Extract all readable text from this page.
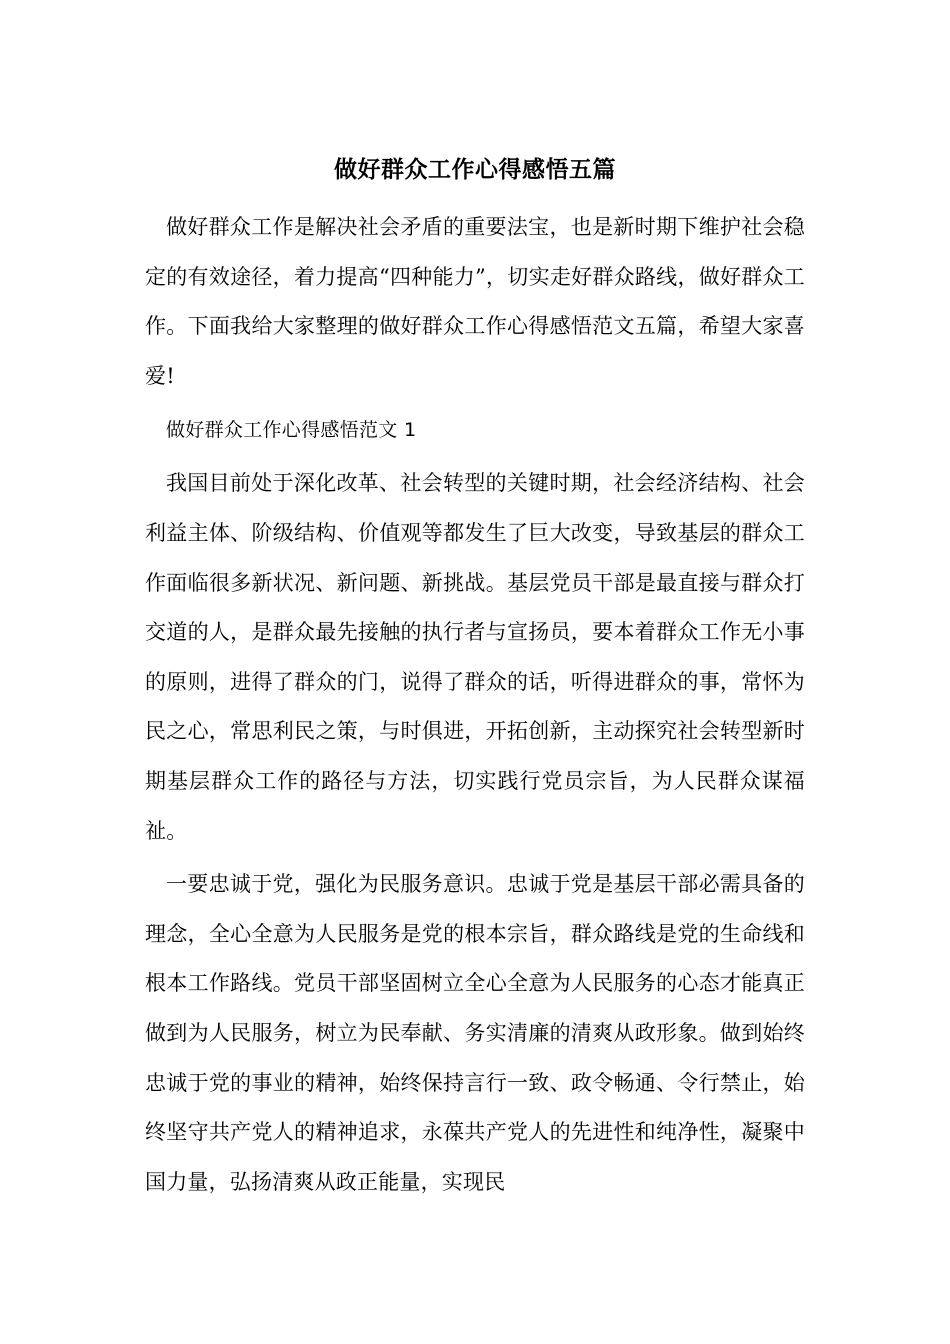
做好群众工作心得感悟五篇

做好群众工作是解决社会矛盾的重要法宝，也是新时期下维护社会稳定的有效途径，着力提高“四种能力”，切实走好群众路线，做好群众工作。下面我给大家整理的做好群众工作心得感悟范文五篇，希望大家喜爱!

做好群众工作心得感悟范文 1

我国目前处于深化改革、社会转型的关键时期，社会经济结构、社会利益主体、阶级结构、价值观等都发生了巨大改变，导致基层的群众工作面临很多新状况、新问题、新挑战。基层党员干部是最直接与群众打交道的人，是群众最先接触的执行者与宣扬员，要本着群众工作无小事的原则，进得了群众的门，说得了群众的话，听得进群众的事，常怀为民之心，常思利民之策，与时俱进，开拓创新，主动探究社会转型新时期基层群众工作的路径与方法，切实践行党员宗旨，为人民群众谋福祉。

一要忠诚于党，强化为民服务意识。忠诚于党是基层干部必需具备的理念，全心全意为人民服务是党的根本宗旨，群众路线是党的生命线和根本工作路线。党员干部坚固树立全心全意为人民服务的心态才能真正做到为人民服务，树立为民奉献、务实清廉的清爽从政形象。做到始终忠诚于党的事业的精神，始终保持言行一致、政令畅通、令行禁止，始终坚守共产党人的精神追求，永葆共产党人的先进性和纯净性，凝聚中国力量，弘扬清爽从政正能量，实现民
